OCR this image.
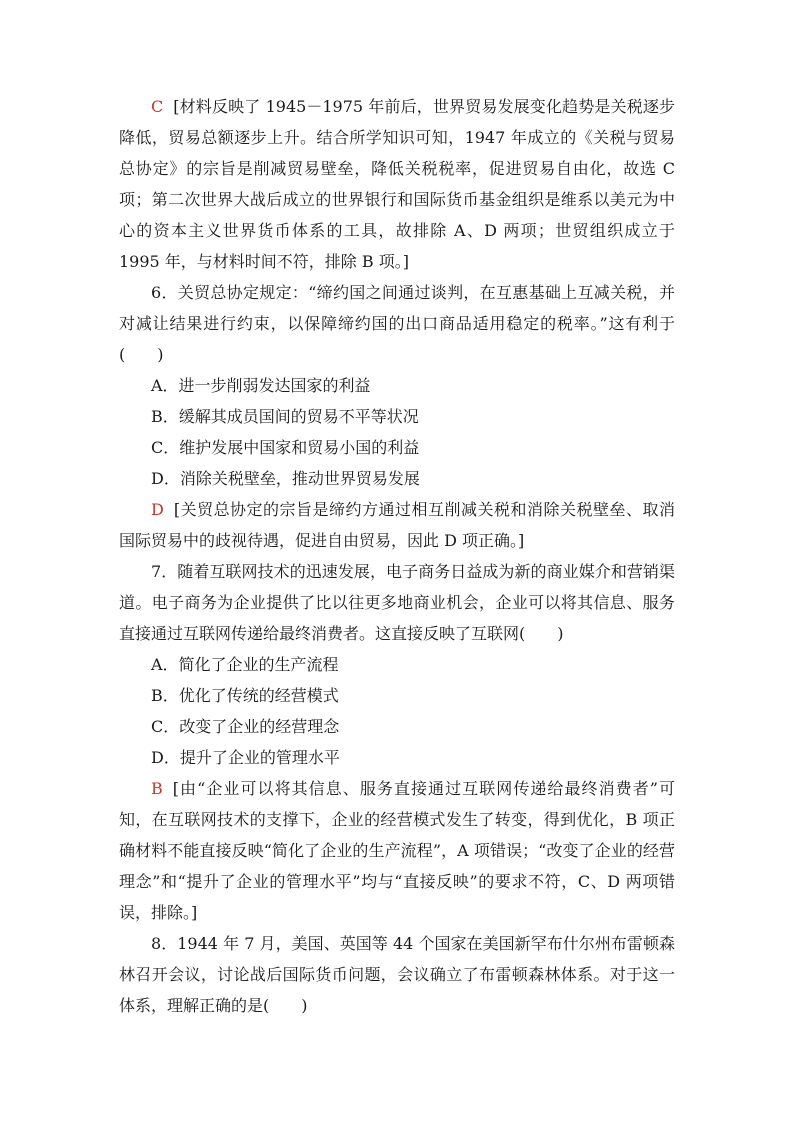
C [材料反映了 1945－1975 年前后，世界贸易发展变化趋势是关税逐步降低，贸易总额逐步上升。结合所学知识可知，1947 年成立的《关税与贸易总协定》的宗旨是削减贸易壁垒，降低关税税率，促进贸易自由化，故选 C 项；第二次世界大战后成立的世界银行和国际货币基金组织是维系以美元为中心的资本主义世界货币体系的工具，故排除 A、D 两项；世贸组织成立于 1995 年，与材料时间不符，排除 B 项。]

6．关贸总协定规定：“缔约国之间通过谈判，在互惠基础上互减关税，并对减让结果进行约束，以保障缔约国的出口商品适用稳定的税率。”这有利于(　　)

A．进一步削弱发达国家的利益

B．缓解其成员国间的贸易不平等状况

C．维护发展中国家和贸易小国的利益

D．消除关税壁垒，推动世界贸易发展

D [关贸总协定的宗旨是缔约方通过相互削减关税和消除关税壁垒、取消国际贸易中的歧视待遇，促进自由贸易，因此 D 项正确。]

7．随着互联网技术的迅速发展，电子商务日益成为新的商业媒介和营销渠道。电子商务为企业提供了比以往更多地商业机会，企业可以将其信息、服务直接通过互联网传递给最终消费者。这直接反映了互联网(　　)

A．简化了企业的生产流程

B．优化了传统的经营模式

C．改变了企业的经营理念

D．提升了企业的管理水平

B [由“企业可以将其信息、服务直接通过互联网传递给最终消费者”可知，在互联网技术的支撑下，企业的经营模式发生了转变，得到优化，B 项正确材料不能直接反映“简化了企业的生产流程”，A 项错误；“改变了企业的经营理念”和“提升了企业的管理水平”均与“直接反映”的要求不符，C、D 两项错误，排除。]

8．1944 年 7 月，美国、英国等 44 个国家在美国新罕布什尔州布雷顿森林召开会议，讨论战后国际货币问题，会议确立了布雷顿森林体系。对于这一体系，理解正确的是(　　)
